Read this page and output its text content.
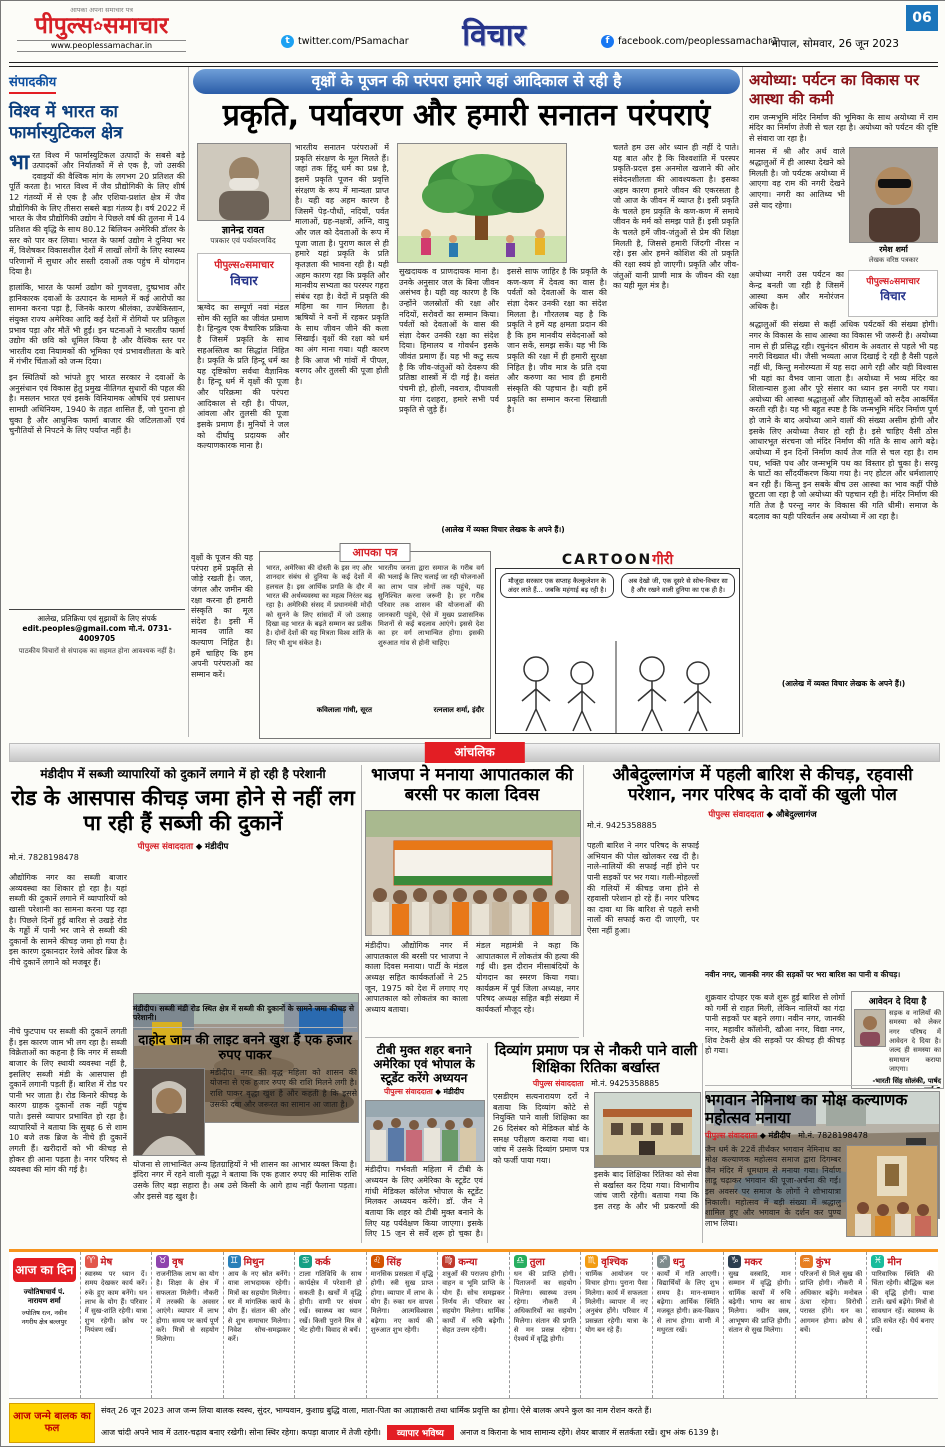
आपका अपना समाचार पत्र
पीपुल्स✿समाचार
www.peoplessamachar.in	t twitter.com/PSamachar	विचार	f facebook.com/peoplessamachar1
भोपाल, सोमवार, 26 जून 2023
06
संपादकीय
विश्व में भारत का फार्मास्युटिकल क्षेत्र

भारत विश्व में फार्मास्युटिकल उत्पादों के सबसे बड़े उत्पादकों और निर्यातकों में से एक है, जो उसकी दवाइयों की वैश्विक मांग के लगभग 20 प्रतिशत की पूर्ति करता है। भारत विश्व में जैव प्रौद्योगिकी के लिए शीर्ष 12 गंतव्यों में से एक है और एशिया-प्रशांत क्षेत्र में जैव प्रौद्योगिकी के लिए तीसरा सबसे बड़ा गंतव्य है। वर्ष 2022 में भारत के जैव प्रौद्योगिकी उद्योग ने पिछले वर्ष की तुलना में 14 प्रतिशत की वृद्धि के साथ 80.12 बिलियन अमेरिकी डॉलर के स्तर को पार कर लिया। भारत के फार्मा उद्योग ने दुनिया भर में, विशेषकर विकासशील देशों में लाखों लोगों के लिए स्वास्थ्य परिणामों में सुधार और सस्ती दवाओं तक पहुंच में योगदान दिया है।

हालांकि, भारत के फार्मा उद्योग को गुणवत्ता, दुष्प्रभाव और हानिकारक दवाओं के उत्पादन के मामले में कई आरोपों का सामना करना पड़ा है, जिनके कारण श्रीलंका, उज्बेकिस्तान, संयुक्त राज्य अमेरिका आदि कई देशों में रोगियों पर प्रतिकूल प्रभाव पड़ा और मौतें भी हुईं। इन घटनाओं ने भारतीय फार्मा उद्योग की छवि को धूमिल किया है और वैश्विक स्तर पर भारतीय दवा नियामकों की भूमिका एवं प्रभावशीलता के बारे में गंभीर चिंताओं को जन्म दिया।

इन स्थितियों को भांपते हुए भारत सरकार ने दवाओं के अनुसंधान एवं विकास हेतु प्रमुख नीतिगत सुधारों की पहल की है। मसलन भारत एवं इसके विनियामक ओषधि एवं प्रसाधन सामग्री अधिनियम, 1940 के तहत शासित हैं, जो पुराना हो चुका है और आधुनिक फार्मा बाजार की जटिलताओं एवं चुनौतियों से निपटने के लिए पर्याप्त नहीं है।

आलेख, प्रतिक्रिया एवं सुझावों के लिए संपर्क
edit.peoples@gmail.com मो.नं. 0731-4009705
पाठकीय विचारों से संपादक का सहमत होना आवश्यक नहीं है।
वृक्षों के पूजन की परंपरा हमारे यहां आदिकाल से रही है
प्रकृति, पर्यावरण और हमारी सनातन परंपराएं
ज्ञानेन्द्र रावत
पत्रकार एवं पर्याव​रणविद
पीपुल्स✿समाचार
विचार
ऋग्वेद का सम्पूर्ण नवां मंडल सोम की स्तुति का जीवंत प्रमाण है। हिन्दुत्व एक वैचारिक प्रक्रिया है जिसमें प्रकृति के साथ सहअस्तित्व का सिद्धांत निहित है। प्रकृति के प्रति हिन्दू धर्म का यह दृष्टिकोण सर्वथा वैज्ञानिक है। हिन्दू धर्म में वृक्षों की पूजा और परिक्रमा की परंपरा आदिकाल से रही है। पीपल, आंवला और तुलसी की पूजा इसके प्रमाण हैं। मुनियों ने जल को दीर्घायु प्रदायक और कल्याणकारक माना है।
भारतीय सनातन परंपराओं में प्रकृति संरक्षण के मूल मिलते हैं। जहां तक हिंदू धर्म का प्रश्न है, इसमें प्रकृति पूजन की प्रवृत्ति संरक्षण के रूप में मान्यता प्राप्त है। यही वह अहम कारण है जिसमें पेड़-पौधों, नदियों, पर्वत मालाओं, ग्रह-नक्षत्रों, अग्नि, वायु और जल को देवताओं के रूप में पूजा जाता है। पुराण काल से ही हमारे यहां प्रकृति के प्रति कृतज्ञता की भावना रही है। यही अहम कारण रहा कि प्रकृति और मानवीय सभ्यता का परस्पर गहरा संबंध रहा है। वेदों में प्रकृति की महिमा का गान मिलता है। ऋषियों ने वनों में रहकर प्रकृति के साथ जीवन जीने की कला सिखाई। वृक्षों की रक्षा को धर्म का अंग माना गया। यही कारण है कि आज भी गांवों में पीपल, बरगद और तुलसी की पूजा होती है।
सुखदायक व प्राणदायक माना है। उनके अनुसार जल के बिना जीवन असंभव है। यही वह कारण है कि उन्होंने जलस्रोतों की रक्षा और नदियों, सरोवरों का सम्मान किया। पर्वतों को देवताओं के वास की संज्ञा देकर उनकी रक्षा का संदेश दिया। हिमालय व गोवर्धन इसके जीवंत प्रमाण हैं। यह भी कटु सत्य है कि जीव-जंतुओं को देवरूप की प्रतिष्ठा शास्त्रों में दी गई है। वसंत पंचमी हो, होली, नवरात्र, दीपावली या गंगा दशहरा, हमारे सभी पर्व प्रकृति से जुड़े हैं।
इससे साफ जाहिर है कि प्रकृति के कण-कण में देवत्व का वास है। पर्वतों को देवताओं के वास की संज्ञा देकर उनकी रक्षा का संदेश मिलता है। गौरतलब यह है कि प्रकृति ने हमें यह क्षमता प्रदान की है कि हम मानवीय संवेदनाओं को जान सकें, समझ सकें। यह भी कि प्रकृति की रक्षा में ही हमारी सुरक्षा निहित है। जीव मात्र के प्रति दया और करुणा का भाव ही हमारी संस्कृति की पहचान है। यही हमें प्रकृति का सम्मान करना सिखाती है।
चलते हम उस ओर ध्यान ही नहीं दे पाते। यह बात और है कि विश्वशांति में परस्पर प्रकृति-प्रदत्त इस अनमोल खजाने की ओर संवेदनशीलता की आवश्यकता है। इसका अहम कारण हमारे जीवन की एकरसता है जो आज के जीवन में व्याप्त है। इसी प्रकृति के चलते हम प्रकृति के कण-कण में समाये जीवन के मर्म को समझ पाते हैं। इसी प्रकृति के चलते हमें जीव-जंतुओं से प्रेम की शिक्षा मिलती है, जिससे हमारी जिंदगी नीरस न रहे। इस ओर हमने कोशिश की तो प्रकृति की रक्षा स्वयं हो जाएगी। प्रकृति और जीव-जंतुओं यानी प्राणी मात्र के जीवन की रक्षा का यही मूल मंत्र है।
(आलेख में व्यक्त विचार लेखक के अपने हैं।)
वृक्षों के पूजन की यह परंपरा हमें प्रकृति से जोड़े रखती है। जल, जंगल और जमीन की रक्षा करना ही हमारी संस्कृति का मूल संदेश है। इसी में मानव जाति का कल्याण निहित है। हमें चाहिए कि हम अपनी परंपराओं का सम्मान करें।
आपका पत्र
भारत, अमेरिका की दोस्ती के इस नए और शानदार संबंध से दुनिया के कई देशों में हलचल है। इस आर्थिक प्रगति के दौर में भारत की अर्थव्यवस्था का महत्व निरंतर बढ़ रहा है। अमेरिकी संसद में प्रधानमंत्री मोदी को सुनने के लिए सांसदों में जो उत्साह दिखा वह भारत के बढ़ते सम्मान का प्रतीक है। दोनों देशों की यह मित्रता विश्व शांति के लिए भी शुभ संकेत है।
कविलाला गांधी, सूरत
भारतीय जनता द्वारा समाज के गरीब वर्ग की भलाई के लिए चलाई जा रही योजनाओं का लाभ पात्र लोगों तक पहुंचे, यह सुनिश्चित करना जरूरी है। हर गरीब परिवार तक शासन की योजनाओं की जानकारी पहुंचे, ऐसे में मुख्य प्रशासनिक मिशनों से कई बदलाव आएंगे। इससे देश का हर वर्ग लाभान्वित होगा। इसकी शुरुआत गांव से होनी चाहिए।
रत्नलाल शर्मा, इंदौर
CARTOONगीरी
मौजूदा सरकार एक सप्ताह कैल्कुलेशन के अंदर लाते हैं... जबकि महंगाई बढ़ रही है।
अब देखो जी, एक दूसरे से सोच-विचार सा है और रखने वाली दुनिया का एक ही है।
अयोध्या: पर्यटन का विकास पर आस्था की कमी
राम जन्मभूमि मंदिर निर्माण की भूमिका के साथ अयोध्या में राम मंदिर का निर्माण तेजी से चल रहा है। अयोध्या को पर्यटन की दृष्टि से संवारा जा रहा है।
मानस में श्री और अर्थ वाले श्रद्धालुओं में ही आस्था देखने को मिलती है। जो पर्यटक अयोध्या में आएगा वह राम की नगरी देखने आएगा। नगरी का आतिथ्य भी उसे याद रहेगा।
रमेश शर्मा
लेखक वरिष्ठ पत्रकार
अयोध्या नगरी उस पर्यटन का केन्द्र बनती जा रही है जिसमें आस्था कम और मनोरंजन अधिक है।
पीपुल्स✿समाचार
विचार
श्रद्धालुओं की संख्या से कहीं अधिक पर्यटकों की संख्या होगी। नगर के विकास के साथ आस्था का विकास भी जरूरी है। अयोध्या नाम से ही प्रसिद्ध रही। रघुनंदन श्रीराम के अवतार से पहले भी यह नगरी विख्यात थी। जैसी भव्यता आज दिखाई दे रही है वैसी पहले नहीं थी, किन्तु मनोरम्यता में यह सदा आगे रही और यही विश्वास भी यहां का वैभव जाना जाता है। अयोध्या में भव्य मंदिर का शिलान्यास हुआ और पूरे संसार का ध्यान इस नगरी पर गया। अयोध्या की आस्था श्रद्धालुओं और जिज्ञासुओं को सदैव आकर्षित करती रही है। यह भी बहुत स्पष्ट है कि जन्मभूमि मंदिर निर्माण पूर्ण हो जाने के बाद अयोध्या आने वालों की संख्या असीम होगी और इसके लिए अयोध्या तैयार हो रही है। इसे चाहिए वैसी ठोस आधारभूत संरचना जो मंदिर निर्माण की गति के साथ आगे बढ़े। अयोध्या में इन दिनों निर्माण कार्य तेज गति से चल रहा है। राम पथ, भक्ति पथ और जन्मभूमि पथ का विस्तार हो चुका है। सरयू के घाटों का सौंदर्यीकरण किया गया है। नए होटल और धर्मशालाएं बन रही हैं। किन्तु इन सबके बीच उस आस्था का भाव कहीं पीछे छूटता जा रहा है जो अयोध्या की पहचान रही है। मंदिर निर्माण की गति तेज है परन्तु नगर के विकास की गति धीमी। समाज के बदलाव का यही परिवर्तन अब अयोध्या में आ रहा है।
(आलेख में व्यक्त विचार लेखक के अपने हैं।)
आंचलिक
मंडीदीप में सब्जी व्यापारियों को दुकानें लगाने में हो रही है परेशानी
रोड के आसपास कीचड़ जमा होने से नहीं लग पा रही हैं सब्जी की दुकानें
पीपुल्स संवाददाता ◆ मंडीदीप
मो.नं. 7828198478
औद्योगिक नगर का सब्जी बाजार अव्यवस्था का शिकार हो रहा है। यहां सब्जी की दुकानें लगाने में व्यापारियों को खासी परेशानी का सामना करना पड़ रहा है। पिछले दिनों हुई बारिश से उखड़े रोड के गड्ढों में पानी भर जाने से सब्जी की दुकानों के सामने कीचड़ जमा हो गया है। इस कारण दुकानदार रेलवे ओवर ब्रिज के नीचे दुकानें लगाने को मजबूर हैं।
मंडीदीप। सब्जी मंडी रोड स्थित क्षेत्र में सब्जी की दुकानों के सामने जमा कीचड़ से परेशानी।
नीचे फुटपाथ पर सब्जी की दुकानें लगती हैं। इस कारण जाम भी लग रहा है। सब्जी विक्रेताओं का कहना है कि नगर में सब्जी बाजार के लिए स्थायी व्यवस्था नहीं है, इसलिए सब्जी मंडी के आसपास ही दुकानें लगानी पड़ती हैं। बारिश में रोड पर पानी भर जाता है। रोड किनारे कीचड़ के कारण ग्राहक दुकानों तक नहीं पहुंच पाते। इससे व्यापार प्रभावित हो रहा है। व्यापारियों ने बताया कि सुबह 6 से शाम 10 बजे तक ब्रिज के नीचे ही दुकानें लगती हैं। खरीदारों को भी कीचड़ से होकर ही आना पड़ता है। नगर परिषद से व्यवस्था की मांग की गई है।
दाहोद जाम की लाइट बनने खुश हैं एक हजार रुपए पाकर
मंडीदीप। नगर की वृद्ध महिला को शासन की योजना से एक हजार रुपए की राशि मिलने लगी है। राशि पाकर वृद्धा खुश है और कहती है कि इससे उसकी दवा और जरूरत का सामान आ जाता है।
योजना से लाभान्वित अन्य हितग्राहियों ने भी शासन का आभार व्यक्त किया है। इंदिरा नगर में रहने वाली वृद्धा ने बताया कि एक हजार रुपए की मासिक राशि उसके लिए बड़ा सहारा है। अब उसे किसी के आगे हाथ नहीं फैलाना पड़ता। और इससे वह खुश है।
भाजपा ने मनाया आपातकाल की बरसी पर काला दिवस
मंडीदीप। औद्योगिक नगर में आपातकाल की बरसी पर भाजपा ने काला दिवस मनाया। पार्टी के मंडल अध्यक्ष सहित कार्यकर्ताओं ने 25 जून, 1975 को देश में लगाए गए आपातकाल को लोकतंत्र का काला अध्याय बताया।
मंडल महामंत्री ने कहा कि आपातकाल में लोकतंत्र की हत्या की गई थी। इस दौरान मीसाबंदियों के योगदान का स्मरण किया गया। कार्यक्रम में पूर्व जिला अध्यक्ष, नगर परिषद अध्यक्ष सहित बड़ी संख्या में कार्यकर्ता मौजूद रहे।
टीबी मुक्त शहर बनाने अमेरिका एवं भोपाल के स्टूडेंट करेंगे अध्ययन
पीपुल्स संवाददाता ◆ मंडीदीप
मंडीदीप। गर्भवती महिला में टीबी के अध्ययन के लिए अमेरिका के स्टूडेंट एवं गांधी मेडिकल कॉलेज भोपाल के स्टूडेंट मिलकर अध्ययन करेंगे। डॉ. जैन ने बताया कि शहर को टीबी मुक्त बनाने के लिए यह पर्यवेक्षण किया जाएगा। इसके लिए 15 जून से सर्वे शुरू हो चुका है।
दिव्यांग प्रमाण पत्र से नौकरी पाने वाली शिक्षिका रितिका बर्खास्त
पीपुल्स संवाददाता मो.नं. 9425358885
एसडीएम सत्यनारायण दर्रो ने बताया कि दिव्यांग कोटे से नियुक्ति पाने वाली शिक्षिका का 26 दिसंबर को मेडिकल बोर्ड के समक्ष परीक्षण कराया गया था। जांच में उसके दिव्यांग प्रमाण पत्र को फर्जी पाया गया।
इसके बाद शिक्षिका रितिका को सेवा से बर्खास्त कर दिया गया। विभागीय जांच जारी रहेगी। बताया गया कि इस तरह के और भी प्रकरणों की
औबेदुल्लागंज में पहली बारिश से कीचड़, रहवासी परेशान, नगर परिषद के दावों की खुली पोल
पीपुल्स संवाददाता ◆ औबेदुल्लागंज
मो.नं. 9425358885
पहली बारिश ने नगर परिषद के सफाई अभियान की पोल खोलकर रख दी है। नाले-नालियों की सफाई नहीं होने पर पानी सड़कों पर भर गया। गली-मोहल्लों की गलियों में कीचड़ जमा होने से रहवासी परेशान हो रहे हैं। नगर परिषद का दावा था कि बारिश से पहले सभी नालों की सफाई करा दी जाएगी, पर ऐसा नहीं हुआ।
नवीन नगर, जानकी नगर की सड़कों पर भरा बारिश का पानी व कीचड़।
शुक्रवार दोपहर एक बजे शुरू हुई बारिश से लोगों को गर्मी से राहत मिली, लेकिन नालियों का गंदा पानी सड़कों पर बहने लगा। नवीन नगर, जानकी नगर, महावीर कॉलोनी, खौआ नगर, विद्या नगर, शिव टेकरी क्षेत्र की सड़कों पर कीचड़ ही कीचड़ हो गया।
आवेदन दे दिया है
सड़क व नालियों की समस्या को लेकर नगर परिषद में आवेदन दे दिया है। जल्द ही समस्या का समाधान कराया जाएगा।
-भारती सिंह सोलंकी, पार्षद
भगवान नेमिनाथ का मोक्ष कल्याणक महोत्सव मनाया
पीपुल्स संवाददाता ◆ मंडीदीप मो.नं. 7828198478
जैन धर्म के 22वें तीर्थंकर भगवान नेमिनाथ का मोक्ष कल्याणक महोत्सव समाज द्वारा दिगम्बर जैन मंदिर में धूमधाम से मनाया गया। निर्वाण लाडू चढ़ाकर भगवान की पूजा-अर्चना की गई। इस अवसर पर समाज के लोगों ने शोभायात्रा निकाली। महोत्सव में बड़ी संख्या में श्रद्धालु शामिल हुए और भगवान के दर्शन कर पुण्य लाभ लिया।
आज का दिन
ज्योतिषाचार्य पं. नारायण शर्मा
ज्योतिष रत्न, नवीन नगरीय क्षेत्र बल्लपुर
♈ मेष
स्वास्थ्य पर ध्यान दें। समय देखकर कार्य करें। रुके हुए काम बनेंगे। धन लाभ के योग हैं। परिवार में सुख-शांति रहेगी। यात्रा शुभ रहेगी। क्रोध पर नियंत्रण रखें।
♉ वृष
राजनीतिक लाभ का योग है। शिक्षा के क्षेत्र में सफलता मिलेगी। नौकरी में तरक्की के अवसर आएंगे। व्यापार में लाभ होगा। समय पर कार्य पूर्ण करें। मित्रों से सहयोग मिलेगा।
♊ मिथुन
आय के नए स्रोत बनेंगे। यात्रा लाभदायक रहेगी। मित्रों का सहयोग मिलेगा। घर में मांगलिक कार्य के योग हैं। संतान की ओर से शुभ समाचार मिलेगा। निवेश सोच-समझकर करें।
♋ कर्क
टाला गतिविधि के साथ कार्यक्षेत्र में परेशानी हो सकती है। खर्चों में वृद्धि होगी। वाणी पर संयम रखें। स्वास्थ्य का ध्यान रखें। किसी पुराने मित्र से भेंट होगी। विवाद से बचें।
♌ सिंह
मानसिक प्रसन्नता में वृद्धि होगी। स्त्री सुख प्राप्त होगा। व्यापार में लाभ के योग हैं। रुका धन वापस मिलेगा। आत्मविश्वास बढ़ेगा। नए कार्य की शुरुआत शुभ रहेगी।
♍ कन्या
शत्रुओं की पराजय होगी। वाहन व भूमि प्राप्ति के योग हैं। सोच समझकर निर्णय लें। परिवार का सहयोग मिलेगा। धार्मिक कार्यों में रुचि बढ़ेगी। सेहत उत्तम रहेगी।
♎ तुला
धन की प्राप्ति होगी। पिताजनों का सहयोग मिलेगा। स्वास्थ्य उत्तम रहेगा। नौकरी में अधिकारियों का सहयोग मिलेगा। संतान की प्रगति से मन प्रसन्न रहेगा। ऐश्वर्य में वृद्धि होगी।
♏ वृश्चिक
धार्मिक आयोजन पर विचार होगा। पुराना पैसा मिलेगा। कार्य में सफलता मिलेगी। व्यापार में नए अनुबंध होंगे। परिवार में प्रसन्नता रहेगी। यात्रा के योग बन रहे हैं।
♐ धनु
कार्यों में गति आएगी। विद्यार्थियों के लिए शुभ समय है। मान-सम्मान बढ़ेगा। आर्थिक स्थिति मजबूत होगी। क्रय-विक्रय से लाभ होगा। वाणी में मधुरता रखें।
♑ मकर
सुख वस्त्रादि, मान सम्मान में वृद्धि होगी। धार्मिक कार्यों में रुचि बढ़ेगी। भाग्य का साथ मिलेगा। नवीन वस्त्र, आभूषण की प्राप्ति होगी। संतान से सुख मिलेगा।
♒ कुंभ
परिजनों से मिले सुख की प्राप्ति होगी। नौकरी में अधिकार बढ़ेंगे। मनोबल ऊंचा रहेगा। विरोधी परास्त होंगे। धन का आगमन होगा। क्रोध से बचें।
♓ मीन
पारिवारिक स्थिति की चिंता रहेगी। बौद्धिक बल की वृद्धि होगी। यात्रा टालें। खर्च बढ़ेंगे। मित्रों से सावधान रहें। स्वास्थ्य के प्रति सचेत रहें। धैर्य बनाए रखें।
आज जन्मे बालक का फल
संवत् 26 जून 2023 आज जन्म लिया बालक स्वस्थ, सुंदर, भाग्यवान, कुशाग्र बुद्धि वाला, माता-पिता का आज्ञाकारी तथा धार्मिक प्रवृत्ति का होगा। ऐसे बालक अपने कुल का नाम रोशन करते हैं।
आज चांदी अपने भाव में उतार-चढ़ाव बनाए रखेगी। सोना स्थिर रहेगा। कपड़ा बाजार में तेजी रहेगी।	व्यापार भविष्य	अनाज व किराना के भाव सामान्य रहेंगे। शेयर बाजार में सतर्कता रखें। शुभ अंक 6139 है।
